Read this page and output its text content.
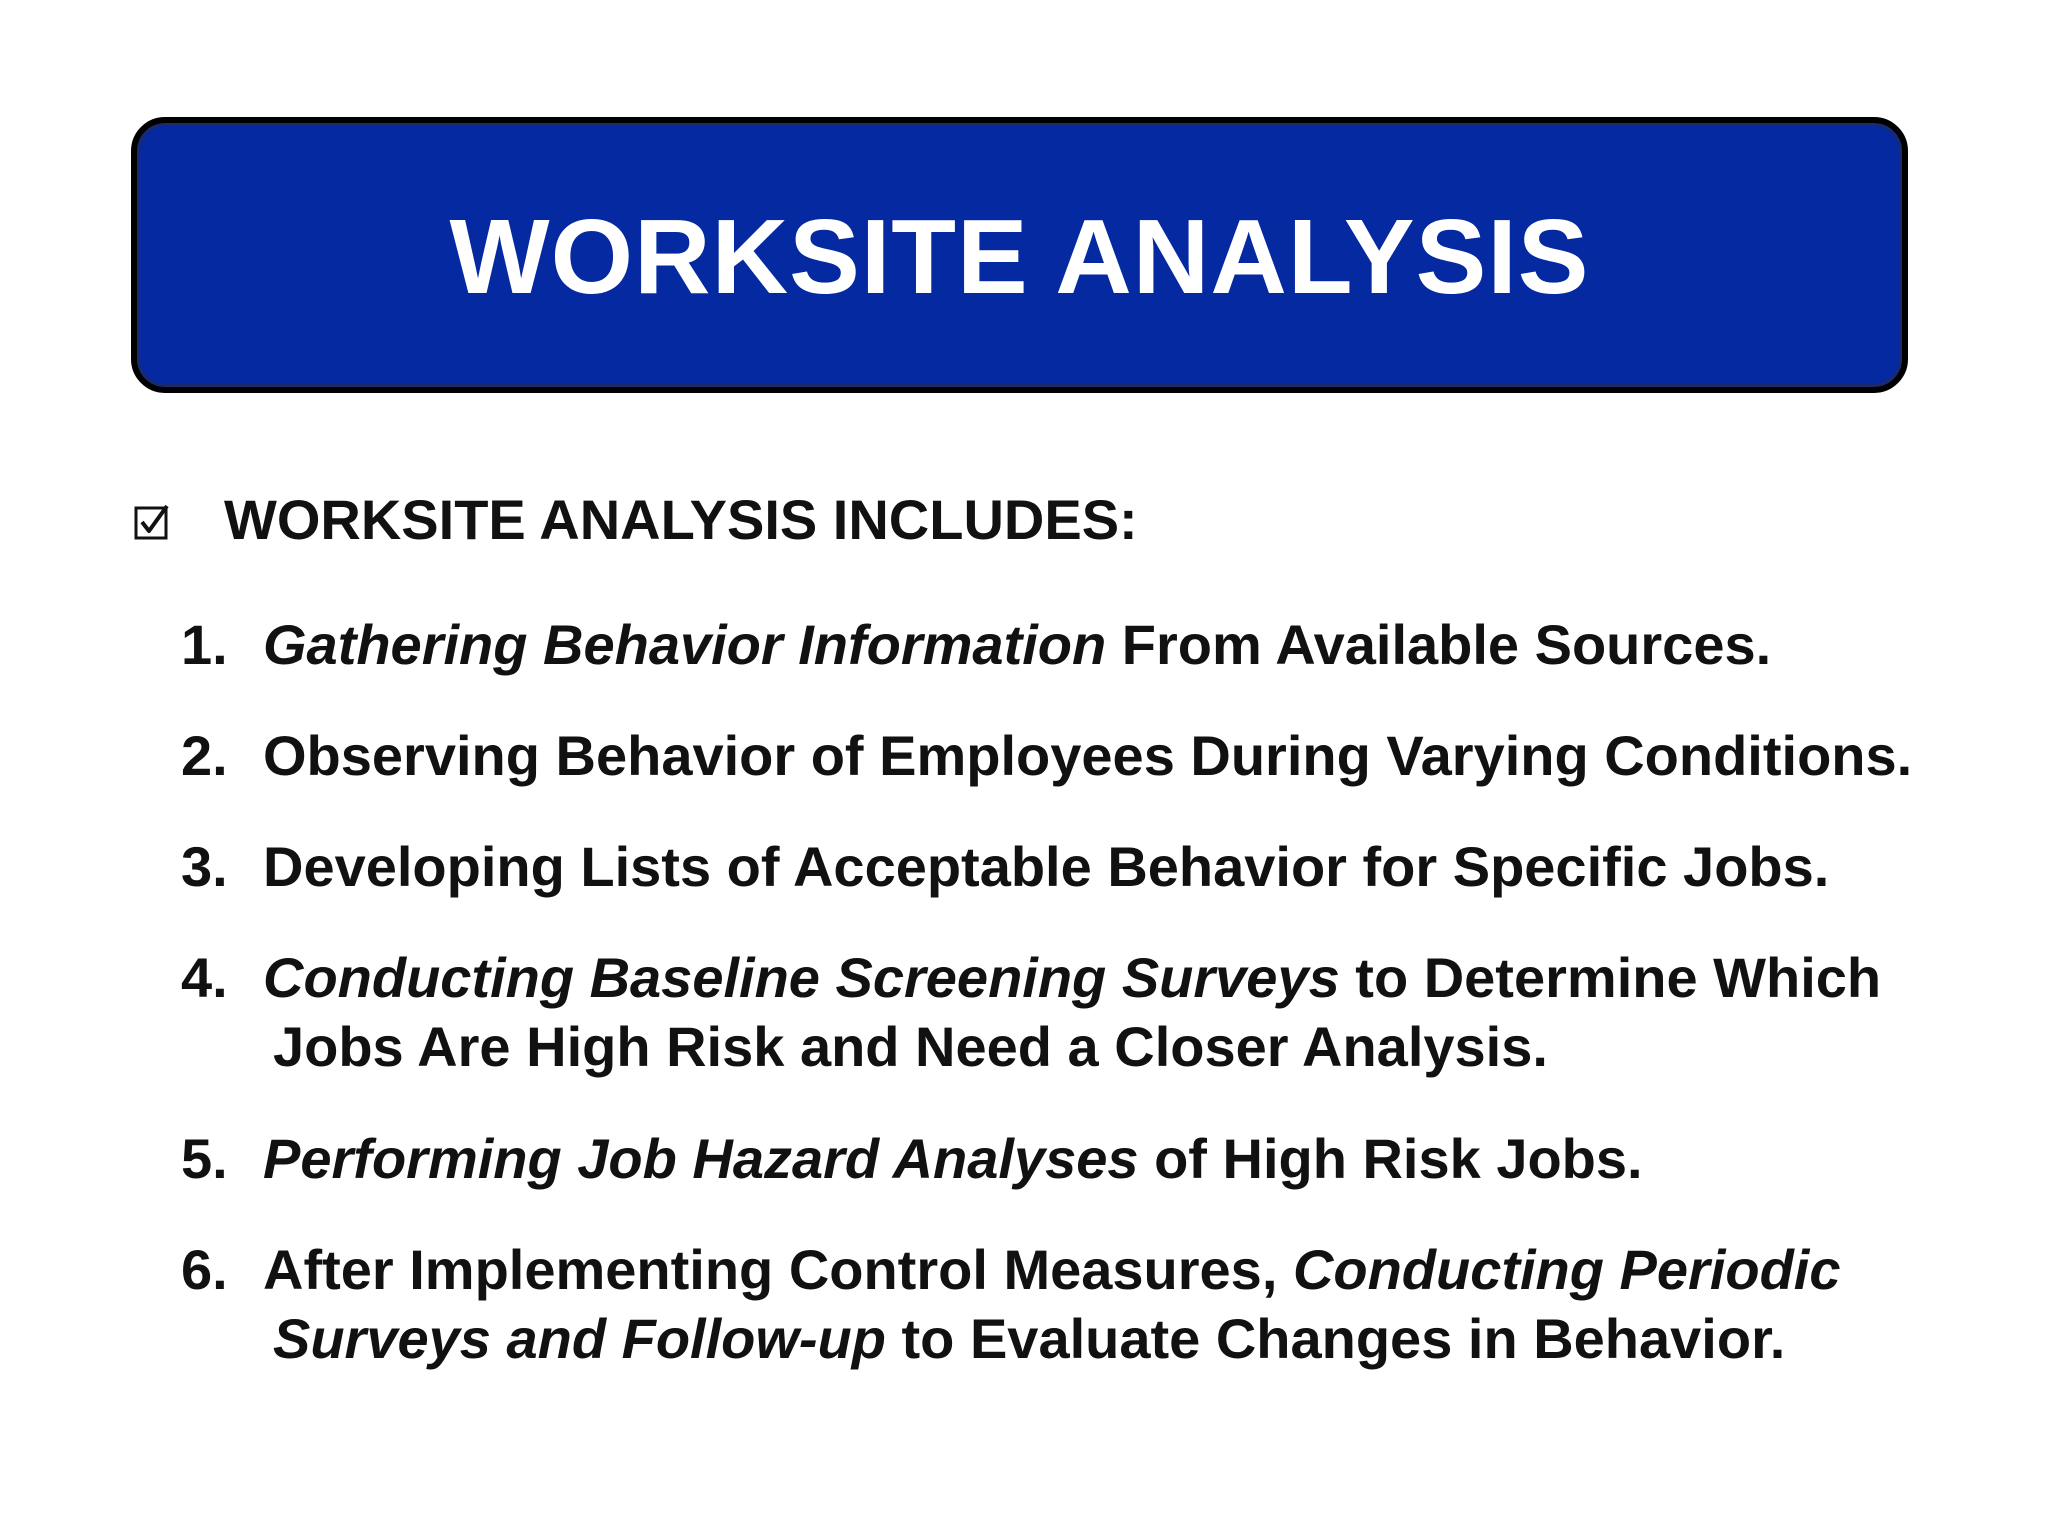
WORKSITE ANALYSIS
WORKSITE ANALYSIS INCLUDES:
1. Gathering Behavior Information From Available Sources.
2. Observing Behavior of Employees During Varying Conditions.
3. Developing Lists of Acceptable Behavior for Specific Jobs.
4. Conducting Baseline Screening Surveys to Determine Which
Jobs Are High Risk and Need a Closer Analysis.
5. Performing Job Hazard Analyses of High Risk Jobs.
6. After Implementing Control Measures, Conducting Periodic
Surveys and Follow-up to Evaluate Changes in Behavior.
